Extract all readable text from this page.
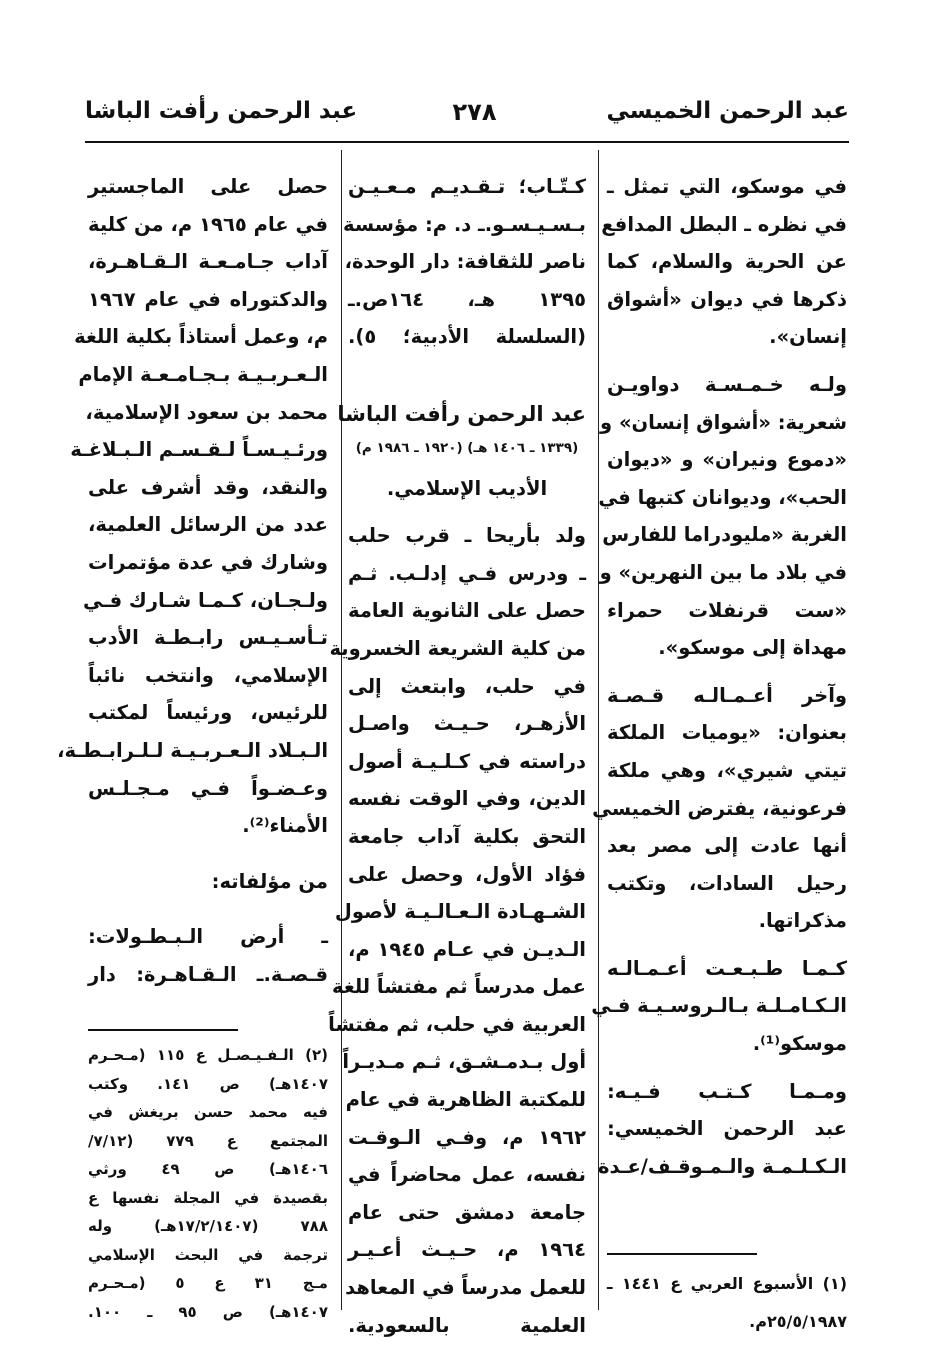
عبد الرحمن الخميسي
٢٧٨
عبد الرحمن رأفت الباشا
في موسكو، التي تمثل ـ
في نظره ـ البطل المدافع
عن الحرية والسلام، كما
ذكرها في ديوان «أشواق
إنسان».
ولـه خـمـسـة دواويـن
شعرية: «أشواق إنسان» و
«دموع ونيران» و «ديوان
الحب»، وديوانان كتبها في
الغربة «مليودراما للفارس
في بلاد ما بين النهرين» و
«ست قرنفلات حمراء
مهداة إلى موسكو».
وآخر أعـمـالـه قـصـة
بعنوان: «يوميات الملكة
تيتي شيري»، وهي ملكة
فرعونية، يفترض الخميسي
أنها عادت إلى مصر بعد
رحيل السادات، وتكتب
مذكراتها.
كـمـا طـبـعـت أعـمـالـه
الـكـامـلـة بـالـروسـيـة فـي
موسكو⁽¹⁾.
ومـمـا كـتـب فـيـه:
عبد الرحمن الخميسي:
الـكـلـمـة والـمـوقـف/عـدة
(١) الأسبوع العربي ع ١٤٤١ ـ
٢٥/٥/١٩٨٧م.
كـتّـاب؛ تـقـديـم مـعـيـن
بـسـيـسـو.ـ د. م: مؤسسة
ناصر للثقافة: دار الوحدة،
١٣٩٥ هـ، ١٦٤ص.ـ
(السلسلة الأدبية؛ ٥).
عبد الرحمن رأفت الباشا
(١٣٣٩ ـ ١٤٠٦ هـ) (١٩٢٠ ـ ١٩٨٦ م)
الأديب الإسلامي.
ولد بأريحا ـ قرب حلب
ـ ودرس فـي إدلـب. ثـم
حصل على الثانوية العامة
من كلية الشريعة الخسروية
في حلب، وابتعث إلى
الأزهـر، حـيـث واصـل
دراسته في كـلـيـة أصول
الدين، وفي الوقت نفسه
التحق بكلية آداب جامعة
فؤاد الأول، وحصل على
الشـهـادة الـعـالـيـة لأصول
الـديـن في عـام ١٩٤٥ م،
عمل مدرساً ثم مفتشاً للغة
العربية في حلب، ثم مفتشاً
أول بـدمـشـق، ثـم مـديـراً
للمكتبة الظاهرية في عام
١٩٦٢ م، وفـي الـوقـت
نفسه، عمل محاضراً في
جامعة دمشق حتى عام
١٩٦٤ م، حـيـث أعـيـر
للعمل مدرساً في المعاهد
العلمية بالسعودية.
حصل على الماجستير
في عام ١٩٦٥ م، من كلية
آداب جـامـعـة الـقـاهـرة،
والدكتوراه في عام ١٩٦٧
م، وعمل أستاذاً بكلية اللغة
الـعـربـيـة بـجـامـعـة الإمام
محمد بن سعود الإسلامية،
ورئـيـسـاً لـقـسـم الـبـلاغـة
والنقد، وقد أشرف على
عدد من الرسائل العلمية،
وشارك في عدة مؤتمرات
ولـجـان، كـمـا شـارك فـي
تـأسـيـس رابـطـة الأدب
الإسلامي، وانتخب نائباً
للرئيس، ورئيساً لمكتب
الـبـلاد الـعـربـيـة لـلـرابـطـة،
وعـضـواً فـي مـجـلـس
الأمناء⁽²⁾.
من مؤلفاته:
ـ أرض الـبـطـولات:
قـصـة.ـ الـقـاهـرة: دار
(٢) الـفـيـصـل ع ١١٥ (مـحـرم
١٤٠٧هـ) ص ١٤١. وكتب
فيه محمد حسن بريغش في
المجتمع ع ٧٧٩ (٧/١٢/
١٤٠٦هـ) ص ٤٩ ورثي
بقصيدة في المجلة نفسها ع
٧٨٨ (١٧/٢/١٤٠٧هـ) وله
ترجمة في البحث الإسلامي
مـج ٣١ ع ٥ (مـحـرم
١٤٠٧هـ) ص ٩٥ ـ ١٠٠.
